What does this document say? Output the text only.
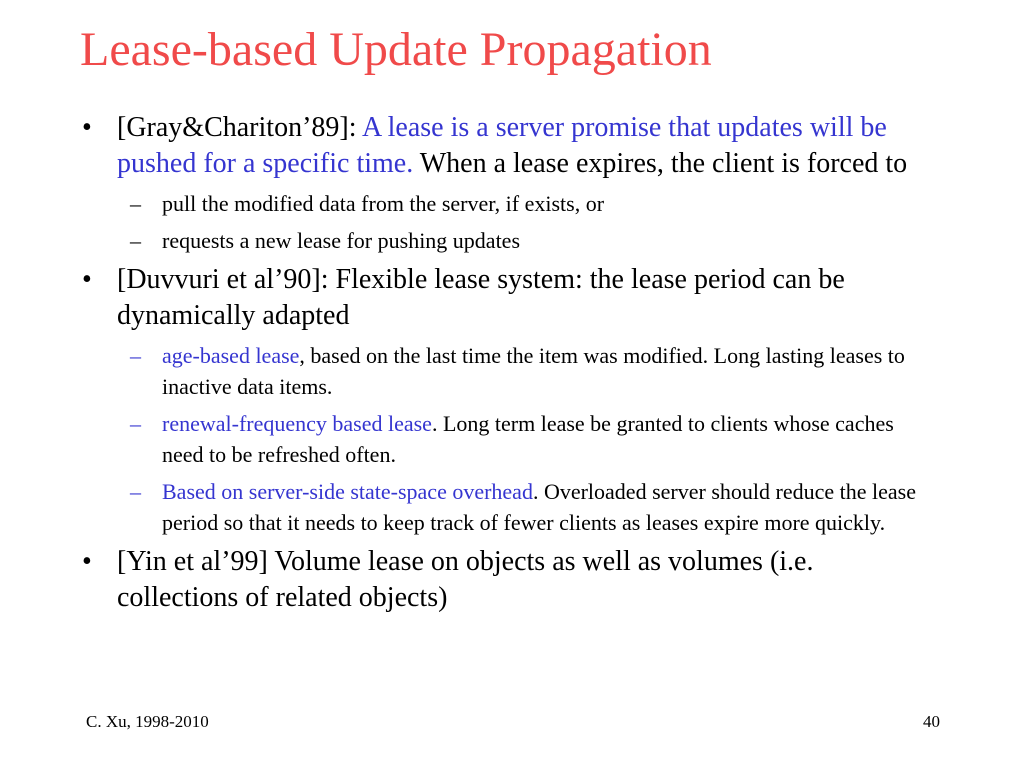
Lease-based Update Propagation
• [Gray&Chariton’89]: A lease is a server promise that updates will be pushed for a specific time. When a lease expires, the client is forced to
– pull the modified data from the server, if exists, or
– requests a new lease for pushing updates
• [Duvvuri et al’90]: Flexible lease system: the lease period can be dynamically adapted
– age-based lease, based on the last time the item was modified. Long lasting leases to inactive data items.
– renewal-frequency based lease. Long term lease be granted to clients whose caches need to be refreshed often.
– Based on server-side state-space overhead. Overloaded server should reduce the lease period so that it needs to keep track of fewer clients as leases expire more quickly.
• [Yin et al’99] Volume lease on objects as well as volumes (i.e. collections of related objects)
C. Xu, 1998-2010	40
